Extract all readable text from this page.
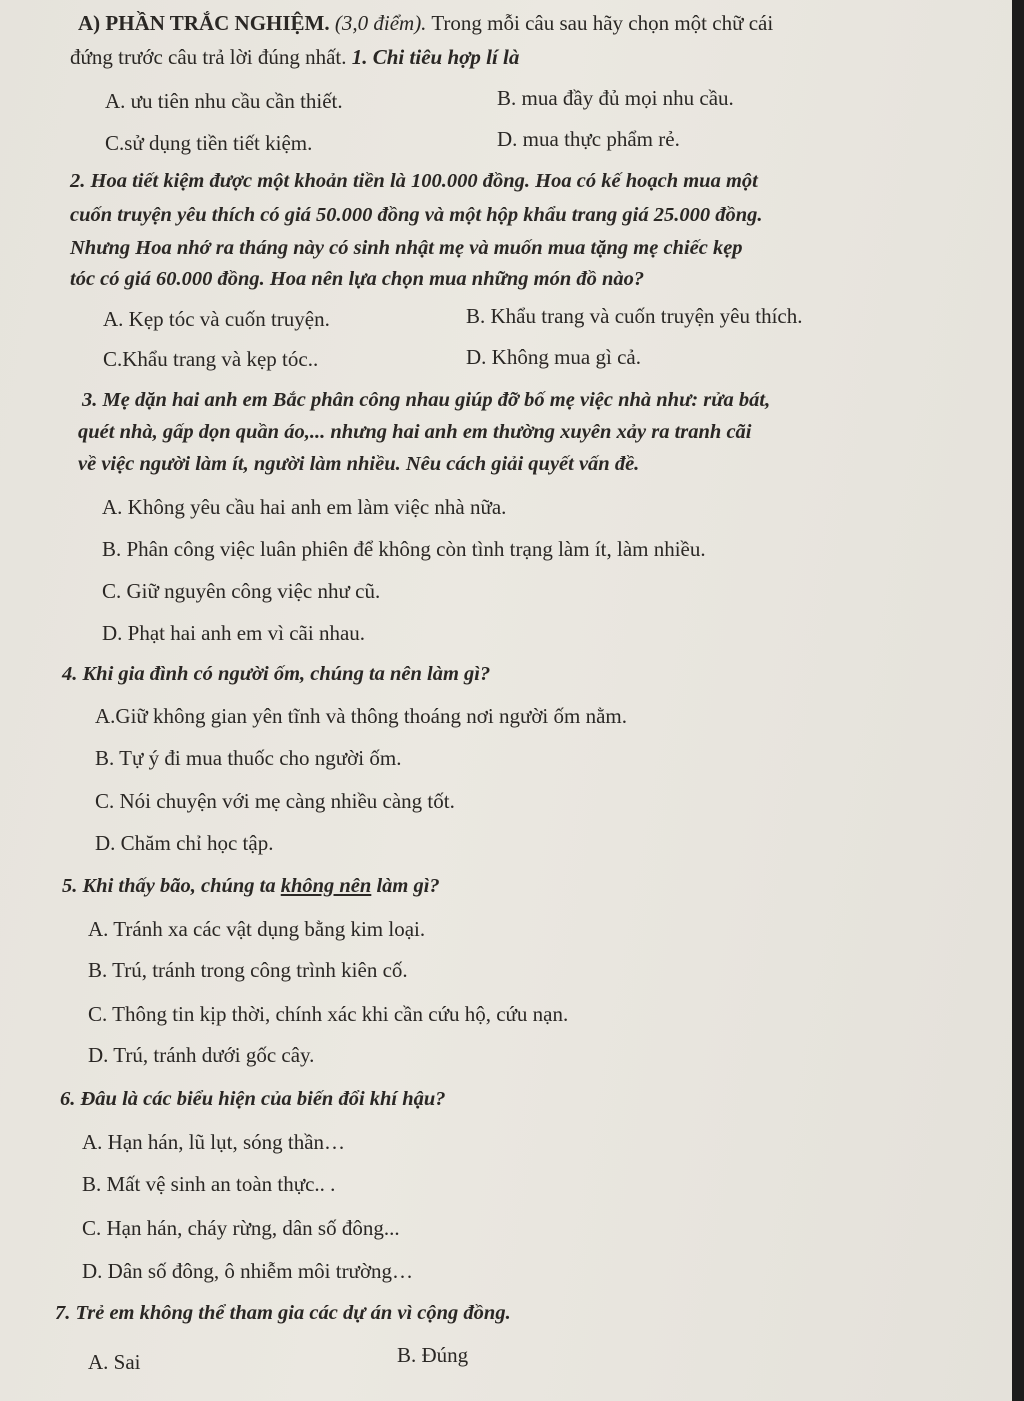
A) PHẦN TRẮC NGHIỆM. (3,0 điểm). Trong mỗi câu sau hãy chọn một chữ cái
đứng trước câu trả lời đúng nhất. 1. Chi tiêu hợp lí là
A. ưu tiên nhu cầu cần thiết.	B. mua đầy đủ mọi nhu cầu.
C.sử dụng tiền tiết kiệm.	D. mua thực phẩm rẻ.
2. Hoa tiết kiệm được một khoản tiền là 100.000 đồng. Hoa có kế hoạch mua một
cuốn truyện yêu thích có giá 50.000 đồng và một hộp khẩu trang giá 25.000 đồng.
Nhưng Hoa nhớ ra tháng này có sinh nhật mẹ và muốn mua tặng mẹ chiếc kẹp
tóc có giá 60.000 đồng. Hoa nên lựa chọn mua những món đồ nào?
A. Kẹp tóc và cuốn truyện.	B. Khẩu trang và cuốn truyện yêu thích.
C.Khẩu trang và kẹp tóc..	D. Không mua gì cả.
3. Mẹ dặn hai anh em Bắc phân công nhau giúp đỡ bố mẹ việc nhà như: rửa bát,
quét nhà, gấp dọn quần áo,... nhưng hai anh em thường xuyên xảy ra tranh cãi
về việc người làm ít, người làm nhiều. Nêu cách giải quyết vấn đề.
A. Không yêu cầu hai anh em làm việc nhà nữa.
B. Phân công việc luân phiên để không còn tình trạng làm ít, làm nhiều.
C. Giữ nguyên công việc như cũ.
D. Phạt hai anh em vì cãi nhau.
4. Khi gia đình có người ốm, chúng ta nên làm gì?
A.Giữ không gian yên tĩnh và thông thoáng nơi người ốm nằm.
B. Tự ý đi mua thuốc cho người ốm.
C. Nói chuyện với mẹ càng nhiều càng tốt.
D. Chăm chỉ học tập.
5. Khi thấy bão, chúng ta không nên làm gì?
A. Tránh xa các vật dụng bằng kim loại.
B. Trú, tránh trong công trình kiên cố.
C. Thông tin kịp thời, chính xác khi cần cứu hộ, cứu nạn.
D. Trú, tránh dưới gốc cây.
6. Đâu là các biểu hiện của biến đổi khí hậu?
A. Hạn hán, lũ lụt, sóng thần…
B. Mất vệ sinh an toàn thực.. .
C. Hạn hán, cháy rừng, dân số đông...
D. Dân số đông, ô nhiễm môi trường…
7. Trẻ em không thể tham gia các dự án vì cộng đồng.
A. Sai	B. Đúng
